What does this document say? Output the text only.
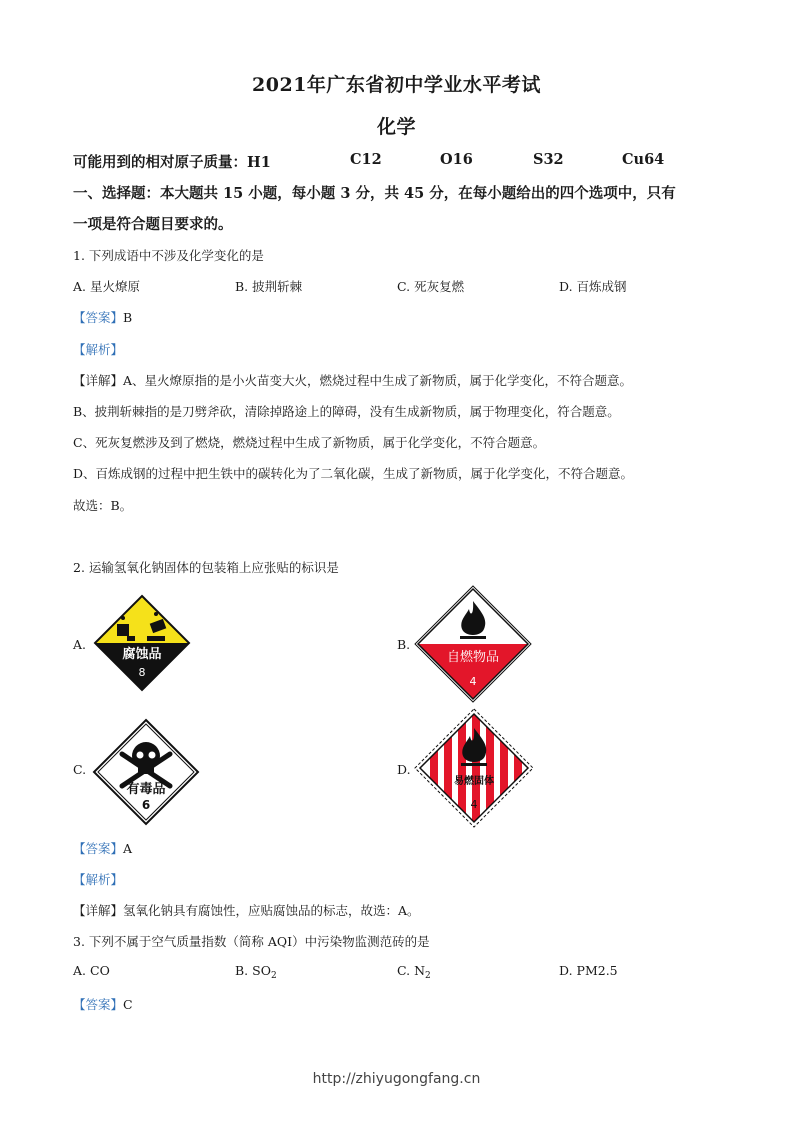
2021年广东省初中学业水平考试
化学
可能用到的相对原子质量：H1	C12	O16	S32	Cu64
一、选择题：本大题共 15 小题，每小题 3 分，共 45 分，在每小题给出的四个选项中，只有
一项是符合题目要求的。
1. 下列成语中不涉及化学变化的是
A. 星火燎原	B. 披荆斩棘	C. 死灰复燃	D. 百炼成钢
【答案】B
【解析】
【详解】A、星火燎原指的是小火苗变大火，燃烧过程中生成了新物质，属于化学变化，不符合题意。
B、披荆斩棘指的是刀劈斧砍，清除掉路途上的障碍，没有生成新物质，属于物理变化，符合题意。
C、死灰复燃涉及到了燃烧，燃烧过程中生成了新物质，属于化学变化，不符合题意。
D、百炼成钢的过程中把生铁中的碳转化为了二氧化碳，生成了新物质，属于化学变化，不符合题意。
故选：B。
2. 运输氢氧化钠固体的包装箱上应张贴的标识是
A.	B.
C.	D.
腐蚀品
8
自燃物品
4
有毒品
6
易燃固体
4
【答案】A
【解析】
【详解】氢氧化钠具有腐蚀性，应贴腐蚀品的标志，故选：A。
3. 下列不属于空气质量指数（简称 AQI）中污染物监测范砖的是
A. CO	B. $SO_2$	C. $N_2$	D. PM2.5
【答案】C
http://zhiyugongfang.cn
